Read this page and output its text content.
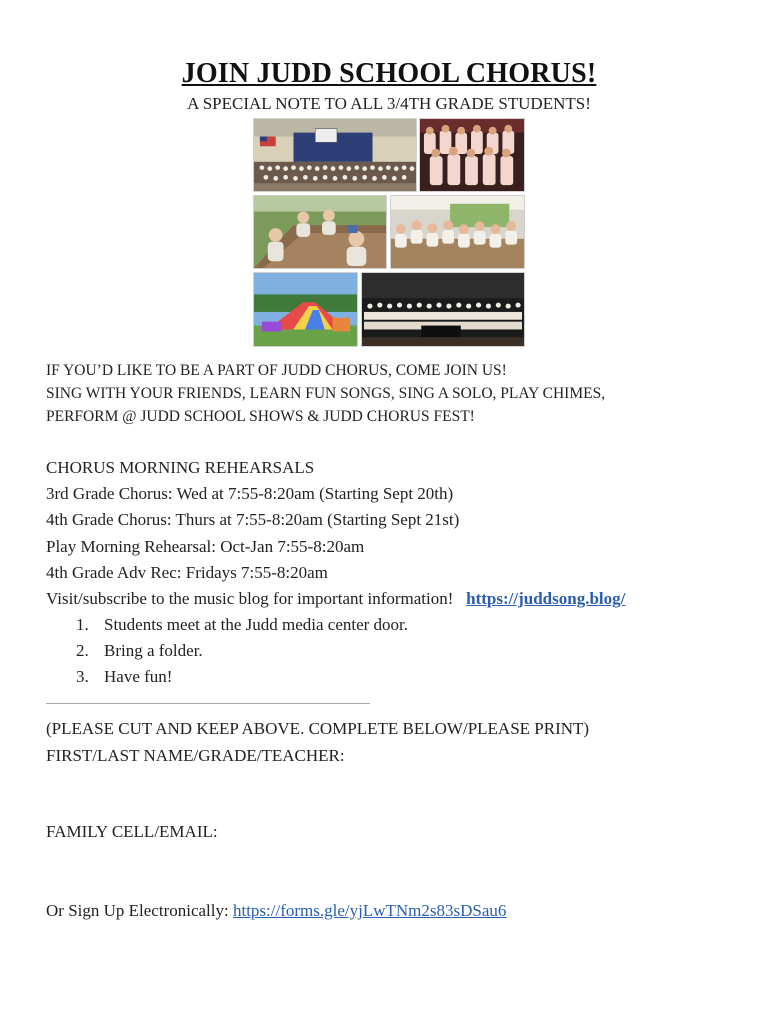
JOIN JUDD SCHOOL CHORUS!
A SPECIAL NOTE TO ALL 3/4TH GRADE STUDENTS!
IF YOU’D LIKE TO BE A PART OF JUDD CHORUS, COME JOIN US!
SING WITH YOUR FRIENDS, LEARN FUN SONGS, SING A SOLO, PLAY CHIMES,
PERFORM @ JUDD SCHOOL SHOWS & JUDD CHORUS FEST!
CHORUS MORNING REHEARSALS
3rd Grade Chorus: Wed at 7:55-8:20am (Starting Sept 20th)
4th Grade Chorus: Thurs at 7:55-8:20am (Starting Sept 21st)
Play Morning Rehearsal: Oct-Jan 7:55-8:20am
4th Grade Adv Rec: Fridays 7:55-8:20am
Visit/subscribe to the music blog for important information! https://juddsong.blog/
1. Students meet at the Judd media center door.
2. Bring a folder.
3. Have fun!
(PLEASE CUT AND KEEP ABOVE. COMPLETE BELOW/PLEASE PRINT)
FIRST/LAST NAME/GRADE/TEACHER:
FAMILY CELL/EMAIL:
Or Sign Up Electronically: https://forms.gle/yjLwTNm2s83sDSau6
